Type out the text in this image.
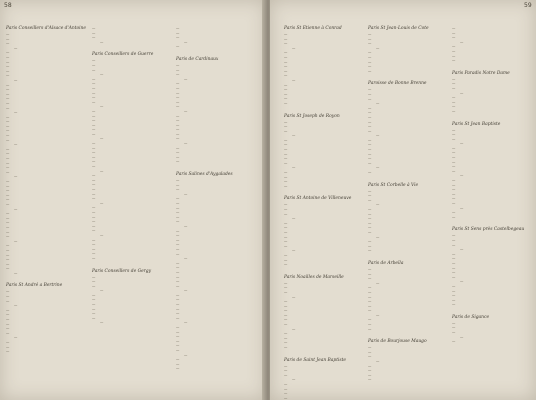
58
Paris Conseillers d'Alsace d'Antoine
—
—
—
—
—
—
—
—
—
—
—
—
—
—
—
—
—
—
—
—
—
—
—
—
—
—
—
—
—
—
—
—
—
—
—
—
—
—
—
—
—
—
—
—
—
—
—
—
—
—
—
—
—
Paris St André a Bertrine
—
—
—
—
—
—
—
—
—
—
—
—
—
—
—
—
—
—
Paris Conseillers de Guerre
—
—
—
—
—
—
—
—
—
—
—
—
—
—
—
—
—
—
—
—
—
—
—
—
—
—
—
—
—
—
—
—
—
—
—
—
—
—
—
—
—
—
—
—
Paris Conseillers de Gergy
—
—
—
—
—
—
—
—
—
—
—
—
—
—
—
—
Paris de Cardinaux
—
—
—
—
—
—
—
—
—
—
—
—
—
—
—
—
—
—
—
—
—
—
Paris Salines d'Aygalades
—
—
—
—
—
—
—
—
—
—
—
—
—
—
—
—
—
—
—
—
—
—
—
—
—
—
—
—
—
—
—
—
—
—
—
—
—
—
—
—
—
—
59
Paris St Etienne à Conrad
—
—
—
—
—
—
—
—
—
—
—
—
—
—
—
—
Paris St Joseph de Royon
—
—
—
—
—
—
—
—
—
—
—
—
—
—
—
Paris St Antoine de Villeneuve
—
—
—
—
—
—
—
—
—
—
—
—
—
—
Paris Noailles de Marseille
—
—
—
—
—
—
—
—
—
—
—
—
—
—
—
Paris de Saint Jean Baptiste
—
—
—
—
—
—
—
—
Paris St Jean-Louis de Cote
—
—
—
—
—
—
—
—
—
Paroisse de Bonne Brenne
—
—
—
—
—
—
—
—
—
—
—
—
—
—
—
—
—
—
—
Paris St Corbelle à Vie
—
—
—
—
—
—
—
—
—
—
—
—
—
—
Paris de Arbeïla
—
—
—
—
—
—
—
—
—
—
—
—
—
—
Paris de Bourjouse Maugo
—
—
—
—
—
—
—
—
—
—
—
—
—
—
—
—
Paris Paradis Notre Dame
—
—
—
—
—
—
—
—
Paris St Jean Baptiste
—
—
—
—
—
—
—
—
—
—
—
—
—
—
—
—
—
—
—
—
Paris St Sens près Castelbegeau
—
—
—
—
—
—
—
—
—
—
—
—
—
—
—
—
Paris de Sigance
—
—
—
—
—
